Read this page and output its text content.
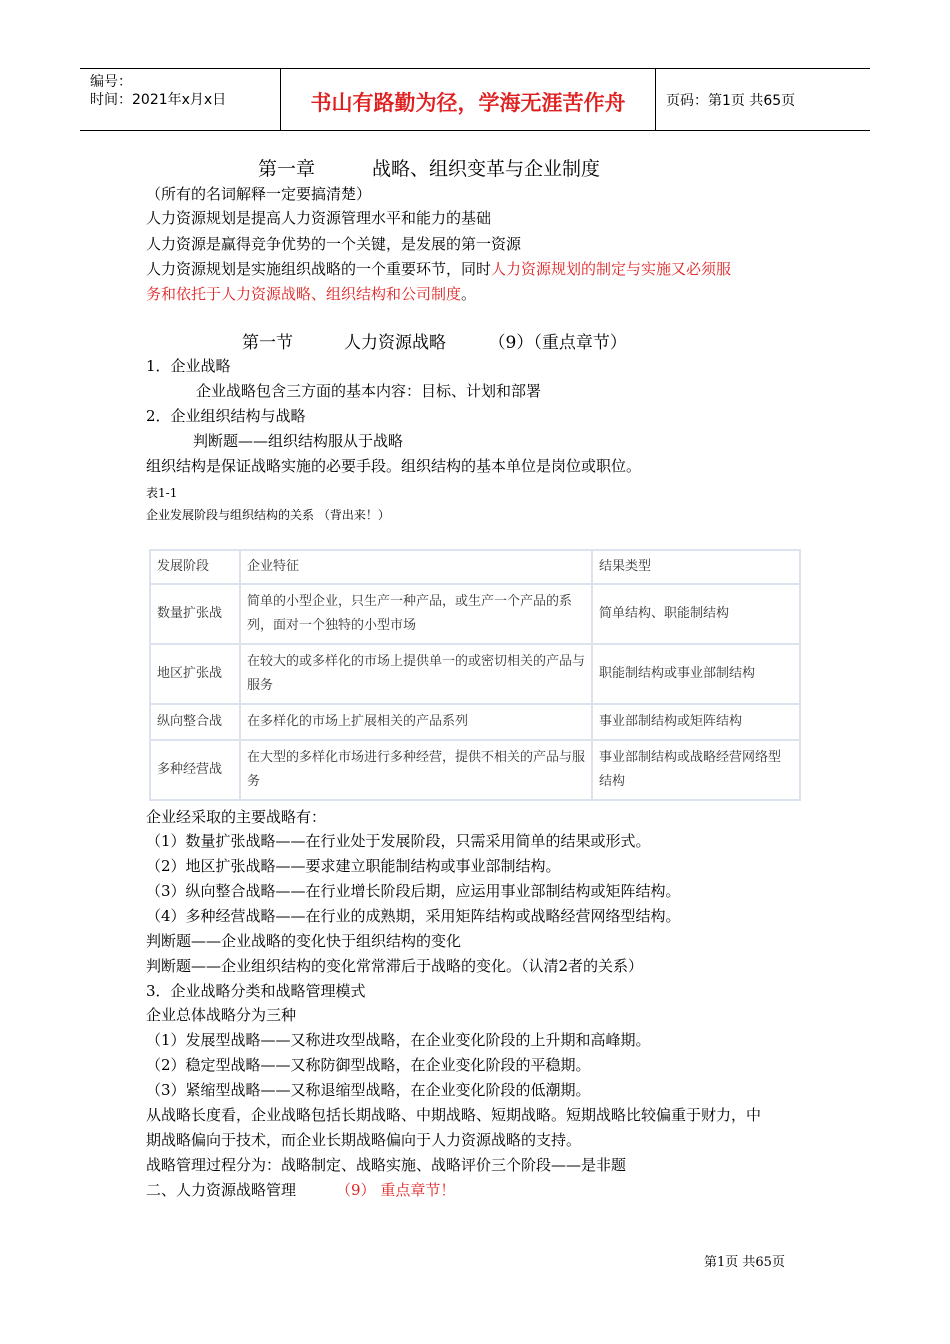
编号：
时间：2021年x月x日	书山有路勤为径，学海无涯苦作舟	页码：第1页 共65页
第一章　　　战略、组织变革与企业制度
（所有的名词解释一定要搞清楚）
人力资源规划是提高人力资源管理水平和能力的基础
人力资源是赢得竞争优势的一个关键，是发展的第一资源
人力资源规划是实施组织战略的一个重要环节，同时人力资源规划的制定与实施又必须服
务和依托于人力资源战略、组织结构和公司制度。
第一节　　　人力资源战略　　　（9）（重点章节）
1．企业战略
企业战略包含三方面的基本内容：目标、计划和部署
2．企业组织结构与战略
判断题——组织结构服从于战略
组织结构是保证战略实施的必要手段。组织结构的基本单位是岗位或职位。
表1-1
企业发展阶段与组织结构的关系 （背出来！）
发展阶段	企业特征	结果类型
数量扩张战	简单的小型企业，只生产一种产品，或生产一个产品的系列，面对一个独特的小型市场	简单结构、职能制结构
地区扩张战	在较大的或多样化的市场上提供单一的或密切相关的产品与服务	职能制结构或事业部制结构
纵向整合战	在多样化的市场上扩展相关的产品系列	事业部制结构或矩阵结构
多种经营战	在大型的多样化市场进行多种经营，提供不相关的产品与服务	事业部制结构或战略经营网络型结构
企业经采取的主要战略有：
（1）数量扩张战略——在行业处于发展阶段，只需采用简单的结果或形式。
（2）地区扩张战略——要求建立职能制结构或事业部制结构。
（3）纵向整合战略——在行业增长阶段后期，应运用事业部制结构或矩阵结构。
（4）多种经营战略——在行业的成熟期，采用矩阵结构或战略经营网络型结构。
判断题——企业战略的变化快于组织结构的变化
判断题——企业组织结构的变化常常滞后于战略的变化。（认清2者的关系）
3．企业战略分类和战略管理模式
企业总体战略分为三种
（1）发展型战略——又称进攻型战略，在企业变化阶段的上升期和高峰期。
（2）稳定型战略——又称防御型战略，在企业变化阶段的平稳期。
（3）紧缩型战略——又称退缩型战略，在企业变化阶段的低潮期。
从战略长度看，企业战略包括长期战略、中期战略、短期战略。短期战略比较偏重于财力，中
期战略偏向于技术，而企业长期战略偏向于人力资源战略的支持。
战略管理过程分为：战略制定、战略实施、战略评价三个阶段——是非题
二、人力资源战略管理	（9） 重点章节！
第1页 共65页
